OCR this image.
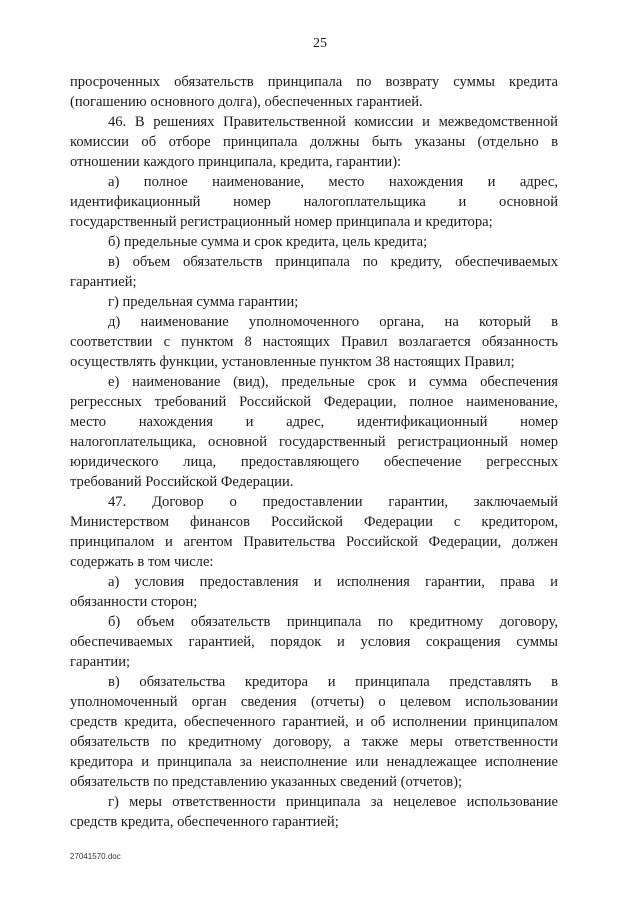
25
просроченных обязательств принципала по возврату суммы кредита
(погашению основного долга), обеспеченных гарантией.
46. В решениях Правительственной комиссии и межведомственной
комиссии об отборе принципала должны быть указаны (отдельно в
отношении каждого принципала, кредита, гарантии):
а) полное наименование, место нахождения и адрес,
идентификационный номер налогоплательщика и основной
государственный регистрационный номер принципала и кредитора;
б) предельные сумма и срок кредита, цель кредита;
в) объем обязательств принципала по кредиту, обеспечиваемых
гарантией;
г) предельная сумма гарантии;
д) наименование уполномоченного органа, на который в
соответствии с пунктом 8 настоящих Правил возлагается обязанность
осуществлять функции, установленные пунктом 38 настоящих Правил;
е) наименование (вид), предельные срок и сумма обеспечения
регрессных требований Российской Федерации, полное наименование,
место нахождения и адрес, идентификационный номер
налогоплательщика, основной государственный регистрационный номер
юридического лица, предоставляющего обеспечение регрессных
требований Российской Федерации.
47. Договор о предоставлении гарантии, заключаемый
Министерством финансов Российской Федерации с кредитором,
принципалом и агентом Правительства Российской Федерации, должен
содержать в том числе:
а) условия предоставления и исполнения гарантии, права и
обязанности сторон;
б) объем обязательств принципала по кредитному договору,
обеспечиваемых гарантией, порядок и условия сокращения суммы
гарантии;
в) обязательства кредитора и принципала представлять в
уполномоченный орган сведения (отчеты) о целевом использовании
средств кредита, обеспеченного гарантией, и об исполнении принципалом
обязательств по кредитному договору, а также меры ответственности
кредитора и принципала за неисполнение или ненадлежащее исполнение
обязательств по представлению указанных сведений (отчетов);
г) меры ответственности принципала за нецелевое использование
средств кредита, обеспеченного гарантией;
27041570.doc
